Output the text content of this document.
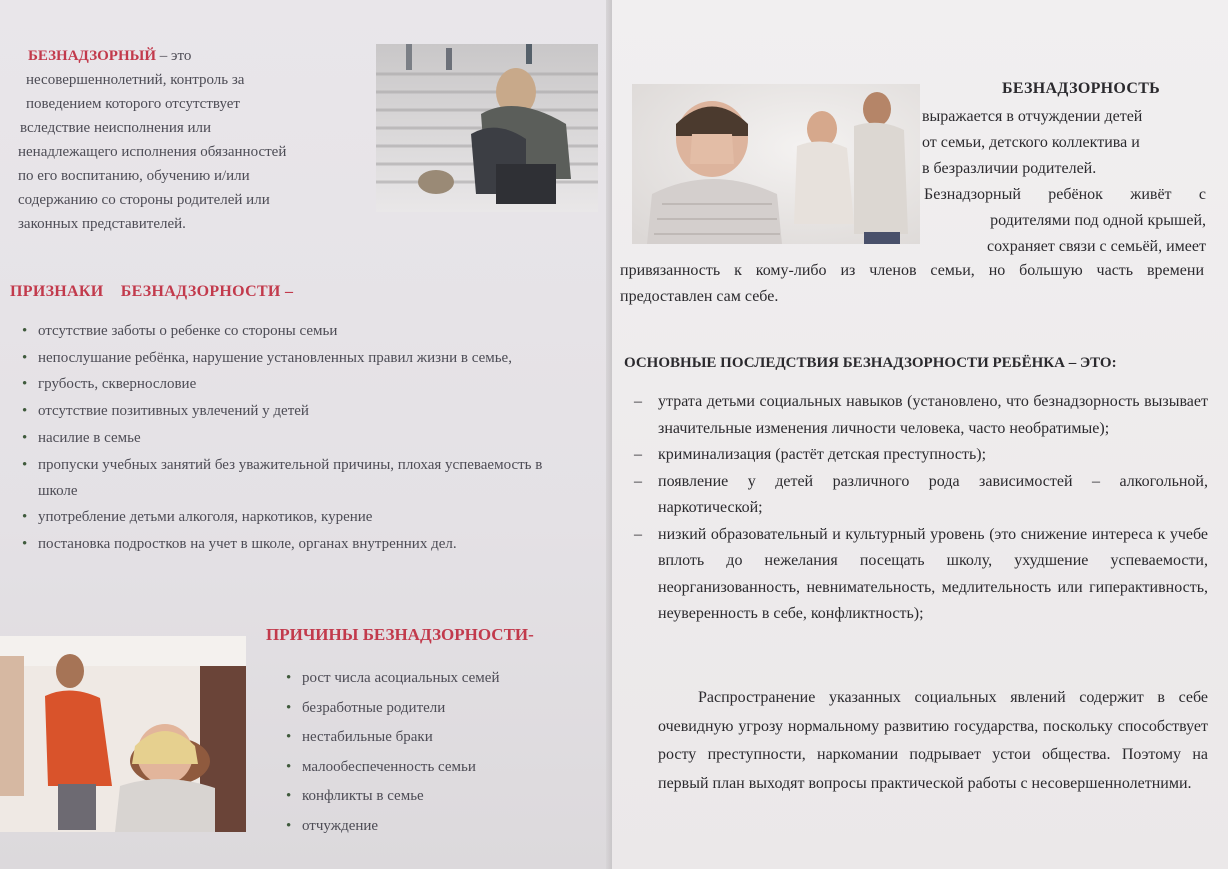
БЕЗНАДЗОРНЫЙ – это
несовершеннолетний, контроль за
поведением которого отсутствует
вследствие неисполнения или
ненадлежащего исполнения обязанностей
по его воспитанию, обучению и/или
содержанию со стороны родителей или
законных представителей.
ПРИЗНАКИ    БЕЗНАДЗОРНОСТИ –
• отсутствие заботы о ребенке со стороны семьи
• непослушание ребёнка, нарушение установленных правил жизни в семье,
• грубость, сквернословие
• отсутствие позитивных увлечений у детей
• насилие в семье
• пропуски учебных занятий без уважительной причины, плохая успеваемость в школе
• употребление детьми алкоголя, наркотиков, курение
• постановка подростков на учет в школе, органах внутренних дел.
ПРИЧИНЫ БЕЗНАДЗОРНОСТИ-
• рост числа асоциальных семей
• безработные родители
• нестабильные браки
• малообеспеченность семьи
• конфликты в семье
• отчуждение
БЕЗНАДЗОРНОСТЬ
выражается в отчуждении детей
от семьи, детского коллектива и
в безразличии родителей.
Безнадзорный ребёнок живёт с
родителями под одной крышей,
сохраняет связи с семьёй, имеет
привязанность к кому-либо из членов семьи, но большую часть времени предоставлен сам себе.
ОСНОВНЫЕ ПОСЛЕДСТВИЯ БЕЗНАДЗОРНОСТИ РЕБЁНКА – ЭТО:
– утрата детьми социальных навыков (установлено, что безнадзорность вызывает значительные изменения личности человека, часто необратимые);
– криминализация (растёт детская преступность);
– появление у детей различного рода зависимостей – алкогольной, наркотической;
– низкий образовательный и культурный уровень (это снижение интереса к учебе вплоть до нежелания посещать школу, ухудшение успеваемости, неорганизованность, невнимательность, медлительность или гиперактивность, неуверенность в себе, конфликтность);
Распространение указанных социальных явлений содержит в себе очевидную угрозу нормальному развитию государства, поскольку способствует росту преступности, наркомании подрывает устои общества. Поэтому на первый план выходят вопросы практической работы с несовершеннолетними.
